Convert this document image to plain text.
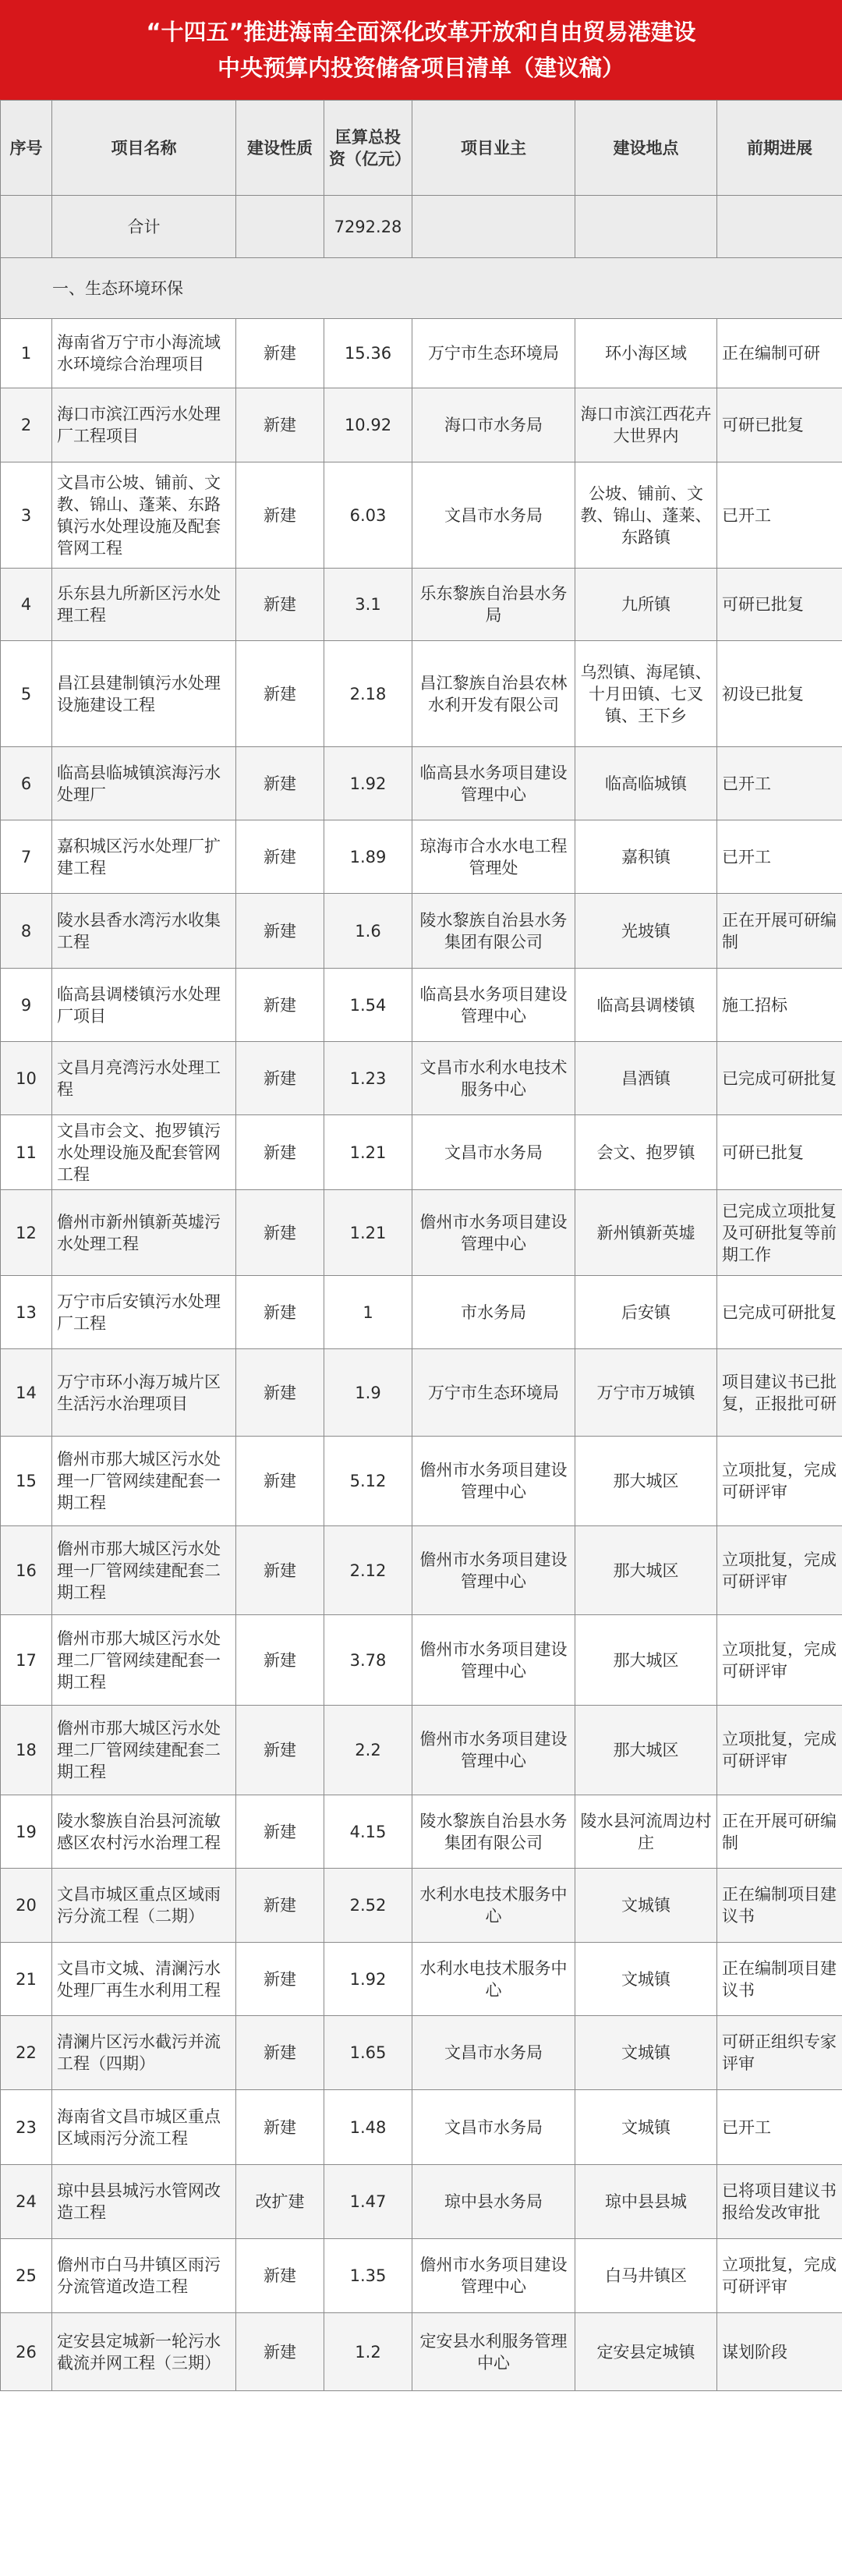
“十四五”推进海南全面深化改革开放和自由贸易港建设
中央预算内投资储备项目清单（建议稿）
序号	项目名称	建设性质	匡算总投资（亿元）	项目业主	建设地点	前期进展
	合计		7292.28			
一、生态环境环保						
1	海南省万宁市小海流域水环境综合治理项目	新建	15.36	万宁市生态环境局	环小海区域	正在编制可研
2	海口市滨江西污水处理厂工程项目	新建	10.92	海口市水务局	海口市滨江西花卉大世界内	可研已批复
3	文昌市公坡、铺前、文教、锦山、蓬莱、东路镇污水处理设施及配套管网工程	新建	6.03	文昌市水务局	公坡、铺前、文教、锦山、蓬莱、东路镇	已开工
4	乐东县九所新区污水处理工程	新建	3.1	乐东黎族自治县水务局	九所镇	可研已批复
5	昌江县建制镇污水处理设施建设工程	新建	2.18	昌江黎族自治县农林水利开发有限公司	乌烈镇、海尾镇、十月田镇、七叉镇、王下乡	初设已批复
6	临高县临城镇滨海污水处理厂	新建	1.92	临高县水务项目建设管理中心	临高临城镇	已开工
7	嘉积城区污水处理厂扩建工程	新建	1.89	琼海市合水水电工程管理处	嘉积镇	已开工
8	陵水县香水湾污水收集工程	新建	1.6	陵水黎族自治县水务集团有限公司	光坡镇	正在开展可研编制
9	临高县调楼镇污水处理厂项目	新建	1.54	临高县水务项目建设管理中心	临高县调楼镇	施工招标
10	文昌月亮湾污水处理工程	新建	1.23	文昌市水利水电技术服务中心	昌洒镇	已完成可研批复
11	文昌市会文、抱罗镇污水处理设施及配套管网工程	新建	1.21	文昌市水务局	会文、抱罗镇	可研已批复
12	儋州市新州镇新英墟污水处理工程	新建	1.21	儋州市水务项目建设管理中心	新州镇新英墟	已完成立项批复及可研批复等前期工作
13	万宁市后安镇污水处理厂工程	新建	1	市水务局	后安镇	已完成可研批复
14	万宁市环小海万城片区生活污水治理项目	新建	1.9	万宁市生态环境局	万宁市万城镇	项目建议书已批复，正报批可研
15	儋州市那大城区污水处理一厂管网续建配套一期工程	新建	5.12	儋州市水务项目建设管理中心	那大城区	立项批复，完成可研评审
16	儋州市那大城区污水处理一厂管网续建配套二期工程	新建	2.12	儋州市水务项目建设管理中心	那大城区	立项批复，完成可研评审
17	儋州市那大城区污水处理二厂管网续建配套一期工程	新建	3.78	儋州市水务项目建设管理中心	那大城区	立项批复，完成可研评审
18	儋州市那大城区污水处理二厂管网续建配套二期工程	新建	2.2	儋州市水务项目建设管理中心	那大城区	立项批复，完成可研评审
19	陵水黎族自治县河流敏感区农村污水治理工程	新建	4.15	陵水黎族自治县水务集团有限公司	陵水县河流周边村庄	正在开展可研编制
20	文昌市城区重点区域雨污分流工程（二期）	新建	2.52	水利水电技术服务中心	文城镇	正在编制项目建议书
21	文昌市文城、清澜污水处理厂再生水利用工程	新建	1.92	水利水电技术服务中心	文城镇	正在编制项目建议书
22	清澜片区污水截污并流工程（四期）	新建	1.65	文昌市水务局	文城镇	可研正组织专家评审
23	海南省文昌市城区重点区域雨污分流工程	新建	1.48	文昌市水务局	文城镇	已开工
24	琼中县县城污水管网改造工程	改扩建	1.47	琼中县水务局	琼中县县城	已将项目建议书报给发改审批
25	儋州市白马井镇区雨污分流管道改造工程	新建	1.35	儋州市水务项目建设管理中心	白马井镇区	立项批复，完成可研评审
26	定安县定城新一轮污水截流并网工程（三期）	新建	1.2	定安县水利服务管理中心	定安县定城镇	谋划阶段
